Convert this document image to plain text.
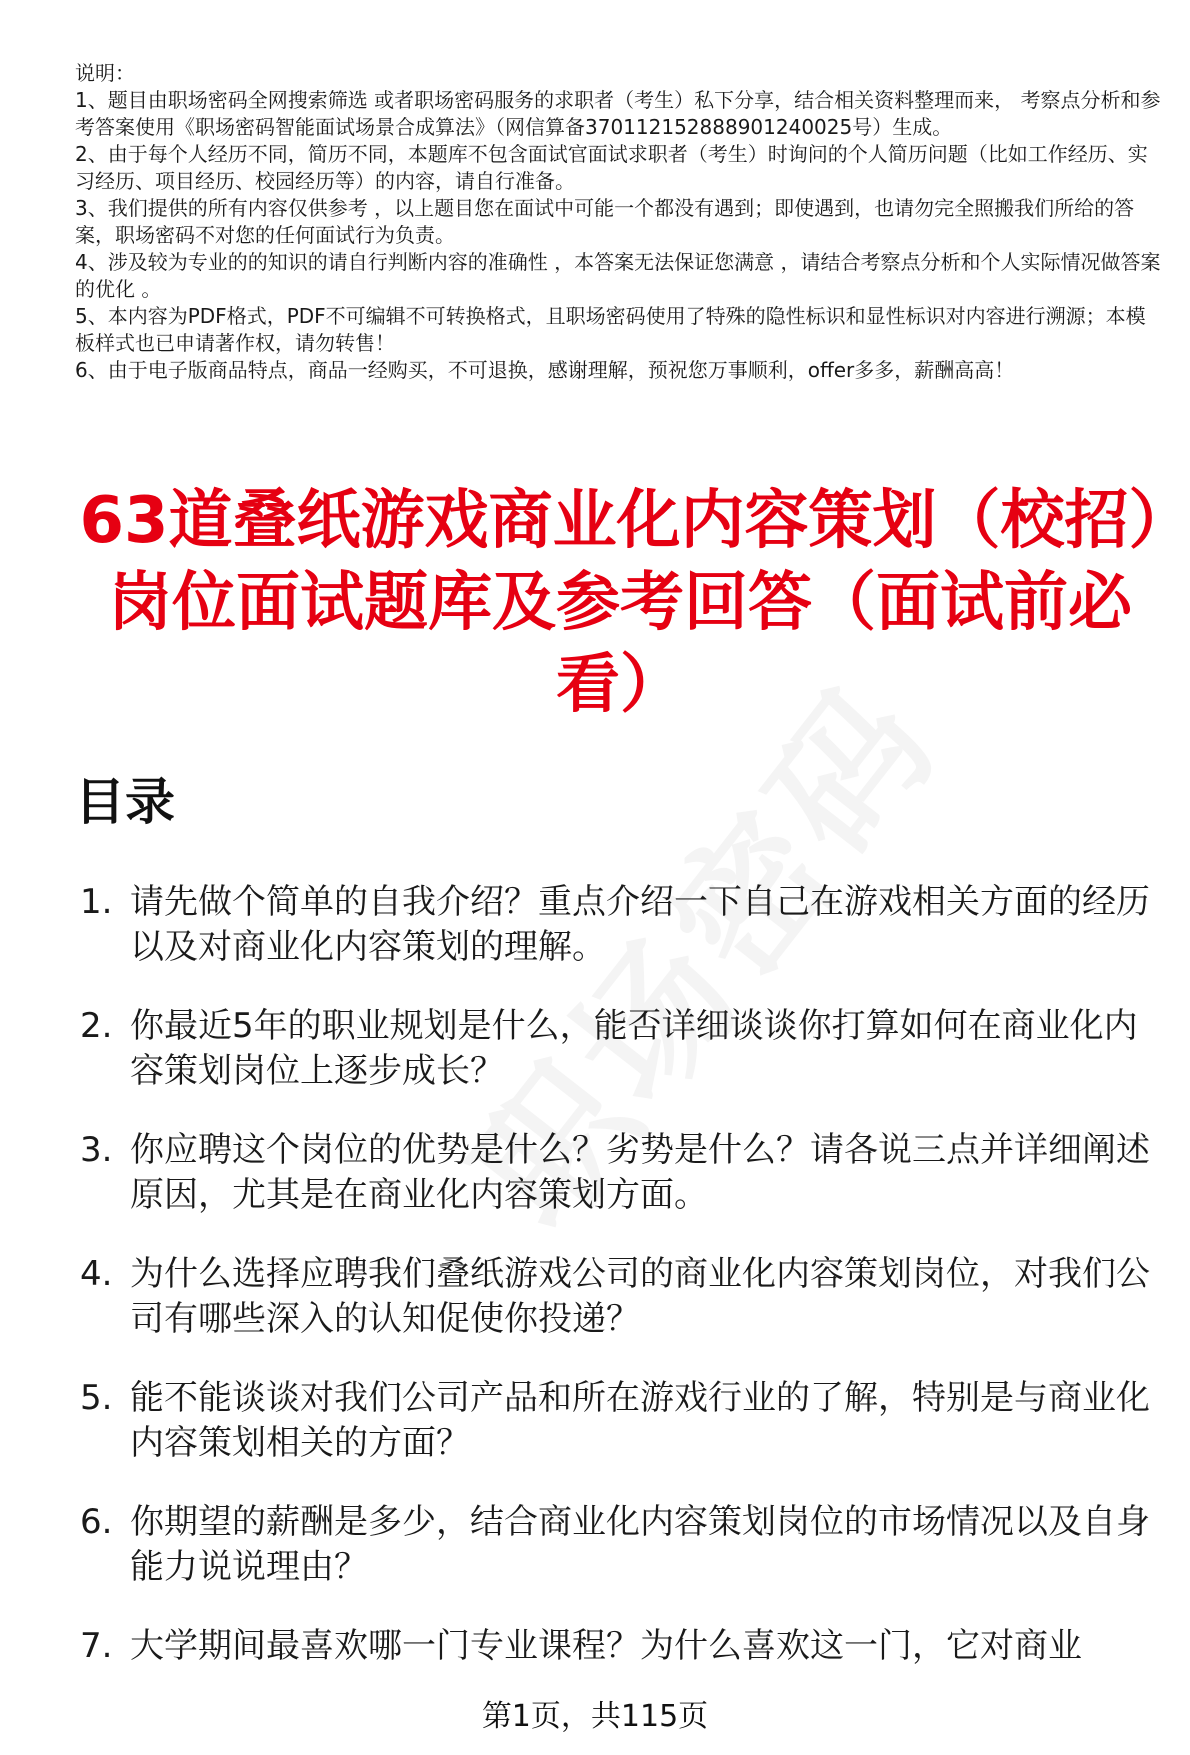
说明：

1、题目由职场密码全网搜索筛选 或者职场密码服务的求职者（考生）私下分享，结合相关资料整理而来， 考察点分析和参考答案使用《职场密码智能面试场景合成算法》（网信算备370112152888901240025号）生成。

2、由于每个人经历不同，简历不同，本题库不包含面试官面试求职者（考生）时询问的个人简历问题（比如工作经历、实习经历、项目经历、校园经历等）的内容，请自行准备。

3、我们提供的所有内容仅供参考 ，以上题目您在面试中可能一个都没有遇到；即使遇到，也请勿完全照搬我们所给的答案，职场密码不对您的任何面试行为负责。

4、涉及较为专业的的知识的请自行判断内容的准确性 ，本答案无法保证您满意 ，请结合考察点分析和个人实际情况做答案的优化 。

5、本内容为PDF格式，PDF不可编辑不可转换格式，且职场密码使用了特殊的隐性标识和显性标识对内容进行溯源；本模板样式也已申请著作权，请勿转售！

6、由于电子版商品特点，商品一经购买，不可退换，感谢理解，预祝您万事顺利，offer多多，薪酬高高！

63道叠纸游戏商业化内容策划（校招）岗位面试题库及参考回答（面试前必看）
目录
1. 请先做个简单的自我介绍？重点介绍一下自己在游戏相关方面的经历以及对商业化内容策划的理解。
2. 你最近5年的职业规划是什么，能否详细谈谈你打算如何在商业化内容策划岗位上逐步成长？
3. 你应聘这个岗位的优势是什么？劣势是什么？请各说三点并详细阐述原因，尤其是在商业化内容策划方面。
4. 为什么选择应聘我们叠纸游戏公司的商业化内容策划岗位，对我们公司有哪些深入的认知促使你投递？
5. 能不能谈谈对我们公司产品和所在游戏行业的了解，特别是与商业化内容策划相关的方面？
6. 你期望的薪酬是多少，结合商业化内容策划岗位的市场情况以及自身能力说说理由？
7. 大学期间最喜欢哪一门专业课程？为什么喜欢这一门，它对商业
第1页，共115页
